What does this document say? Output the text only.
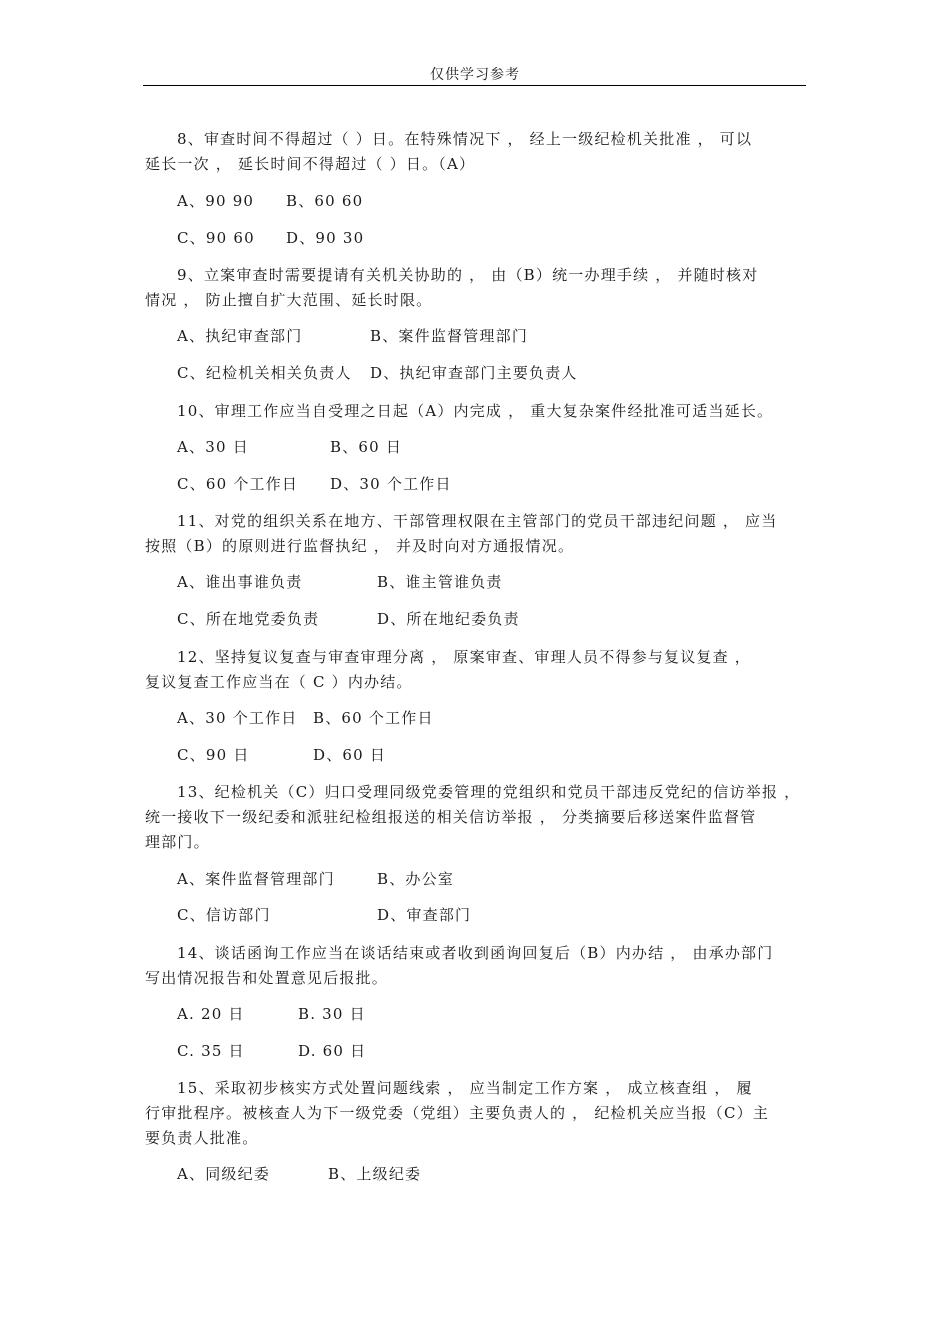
仅供学习参考
8、审查时间不得超过（ ）日。在特殊情况下 ， 经上一级纪检机关批准 ， 可以
延长一次 ， 延长时间不得超过（ ）日。（A）
A、90 90 B、60 60
C、90 60 D、90 30
9、立案审查时需要提请有关机关协助的 ， 由（B）统一办理手续 ， 并随时核对
情况 ， 防止擅自扩大范围、延长时限。
A、执纪审查部门	B、案件监督管理部门
C、纪检机关相关负责人 D、执纪审查部门主要负责人
10、审理工作应当自受理之日起（A）内完成 ， 重大复杂案件经批准可适当延长。
A、30 日	B、60 日
C、60 个工作日 D、30 个工作日
11、对党的组织关系在地方、干部管理权限在主管部门的党员干部违纪问题 ， 应当
按照（B）的原则进行监督执纪 ， 并及时向对方通报情况。
A、谁出事谁负责	B、谁主管谁负责
C、所在地党委负责	D、所在地纪委负责
12、坚持复议复查与审查审理分离 ， 原案审查、审理人员不得参与复议复查 ，
复议复查工作应当在（ C ）内办结。
A、30 个工作日 B、60 个工作日
C、90 日	D、60 日
13、纪检机关（C）归口受理同级党委管理的党组织和党员干部违反党纪的信访举报 ，
统一接收下一级纪委和派驻纪检组报送的相关信访举报 ， 分类摘要后移送案件监督管
理部门。
A、案件监督管理部门	B、办公室
C、信访部门	D、审查部门
14、谈话函询工作应当在谈话结束或者收到函询回复后（B）内办结 ， 由承办部门
写出情况报告和处置意见后报批。
A. 20 日	B. 30 日
C. 35 日	D. 60 日
15、采取初步核实方式处置问题线索 ， 应当制定工作方案 ， 成立核查组 ， 履
行审批程序。被核查人为下一级党委（党组）主要负责人的 ， 纪检机关应当报（C）主
要负责人批准。
A、同级纪委	B、上级纪委
